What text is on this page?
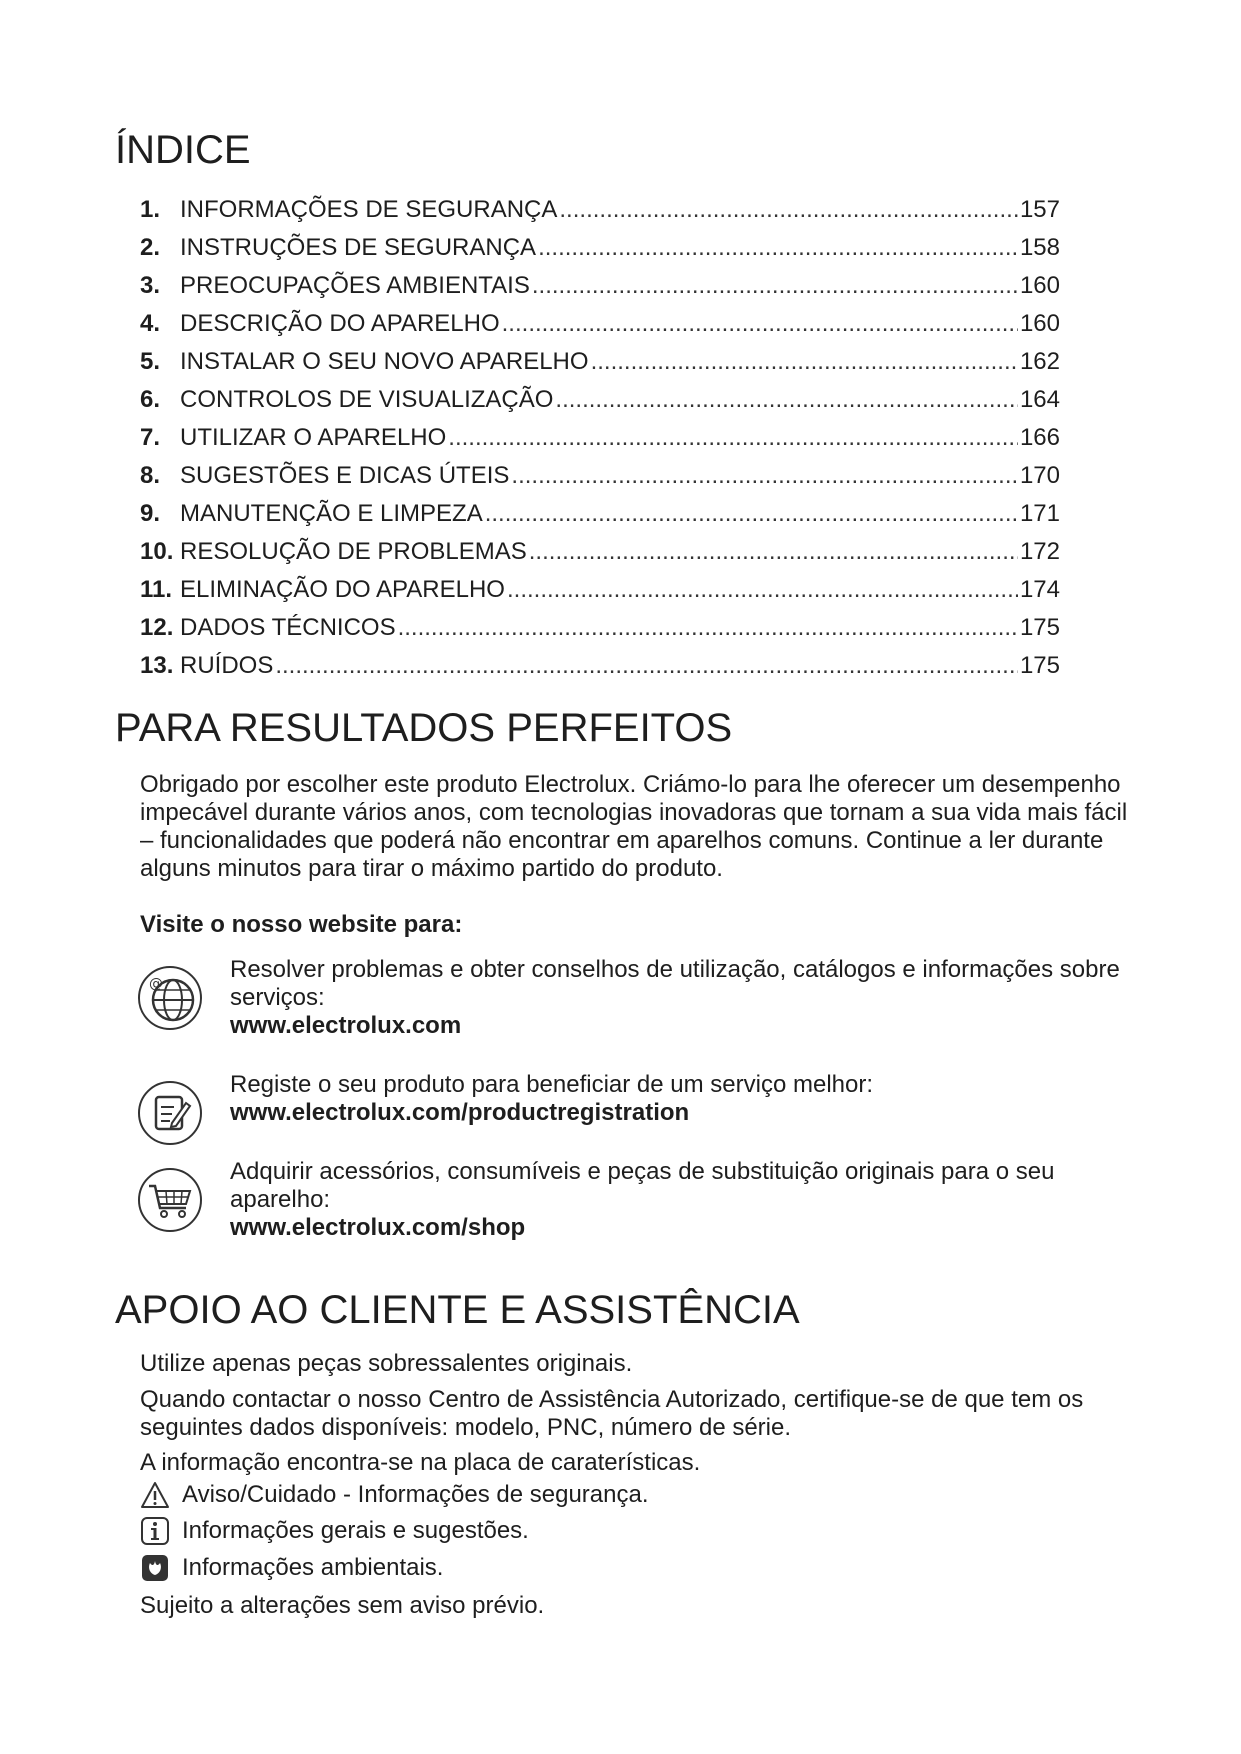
ÍNDICE
1. INFORMAÇÕES DE SEGURANÇA .....	157
2. INSTRUÇÕES DE SEGURANÇA .....	158
3. PREOCUPAÇÕES AMBIENTAIS .....	160
4. DESCRIÇÃO DO APARELHO .....	160
5. INSTALAR O SEU NOVO APARELHO .....	162
6. CONTROLOS DE VISUALIZAÇÃO .....	164
7. UTILIZAR O APARELHO .....	166
8. SUGESTÕES E DICAS ÚTEIS .....	170
9. MANUTENÇÃO E LIMPEZA .....	171
10. RESOLUÇÃO DE PROBLEMAS .....	172
11. ELIMINAÇÃO DO APARELHO .....	174
12. DADOS TÉCNICOS .....	175
13. RUÍDOS .....	175
PARA RESULTADOS PERFEITOS

Obrigado por escolher este produto Electrolux. Criámo-lo para lhe oferecer um desempenho impecável durante vários anos, com tecnologias inovadoras que tornam a sua vida mais fácil – funcionalidades que poderá não encontrar em aparelhos comuns. Continue a ler durante alguns minutos para tirar o máximo partido do produto.

Visite o nosso website para:

@
Resolver problemas e obter conselhos de utilização, catálogos e informações sobre serviços:
www.electrolux.com
Registe o seu produto para beneficiar de um serviço melhor:
www.electrolux.com/productregistration
Adquirir acessórios, consumíveis e peças de substituição originais para o seu aparelho:
www.electrolux.com/shop
APOIO AO CLIENTE E ASSISTÊNCIA

Utilize apenas peças sobressalentes originais.

Quando contactar o nosso Centro de Assistência Autorizado, certifique-se de que tem os seguintes dados disponíveis: modelo, PNC, número de série.

A informação encontra-se na placa de caraterísticas.

Aviso/Cuidado - Informações de segurança.
Informações gerais e sugestões.
Informações ambientais.

Sujeito a alterações sem aviso prévio.
